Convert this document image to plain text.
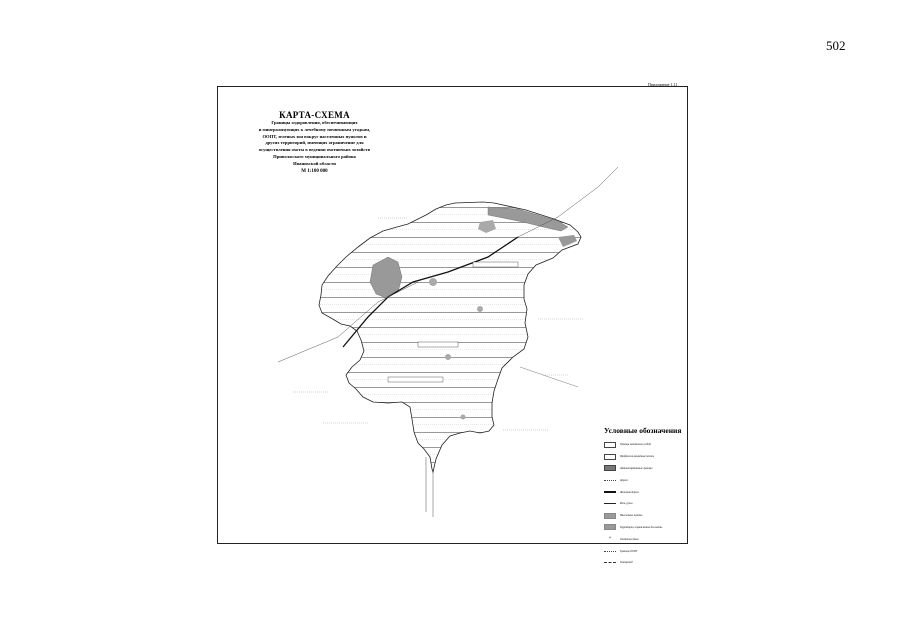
502
Приложение 1.11
КАРТА-СХЕМА
Границы оздоровления, обеспечивающих
и минерализующих к лечебному почвенным угодьям,
ООПТ, зеленых зон вокруг населенных пунктов и
других территорий, имеющих ограничение для
осуществления охоты в ведении охотничьих хозяйств
Приволжского муниципального района
Ивановской области
М 1:100 000
Условные обозначения
Граница охотничьих угодий
Прибрежно-защитные полосы
Административные границы
Дороги
Железная дорога
Реки, ручьи
Населенные пункты
Территории, ограниченные для охоты
+	Охотничьи базы
Границы ООПТ
Газопровод
